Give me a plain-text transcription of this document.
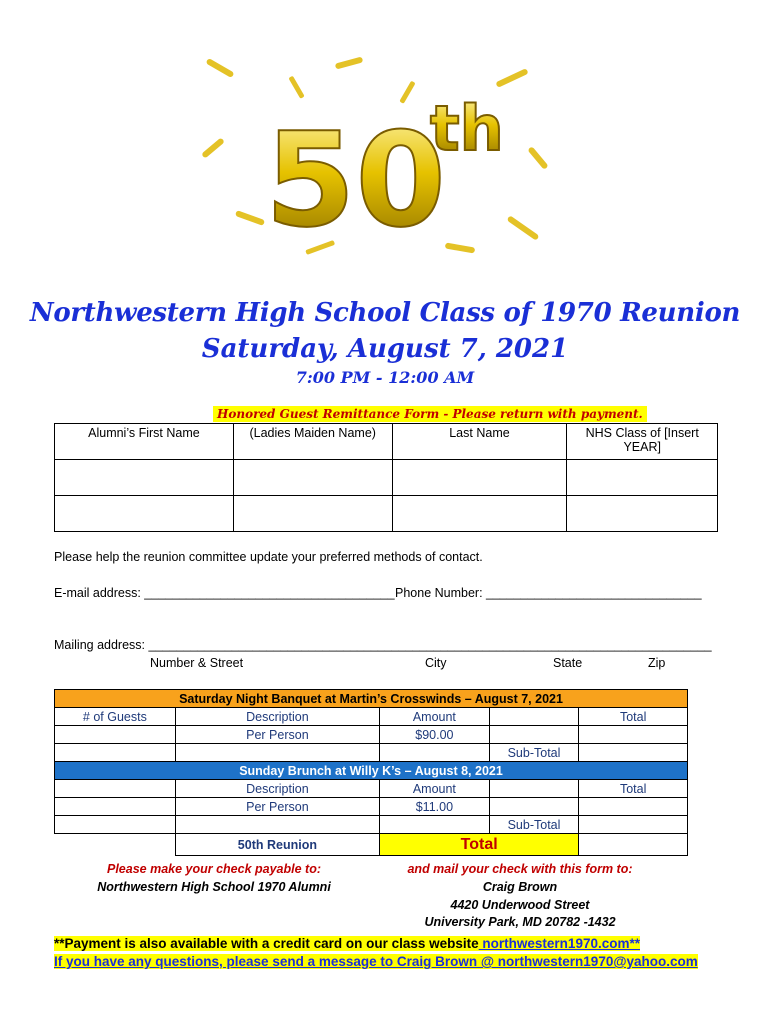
50
th
Northwestern High School Class of 1970 Reunion
Saturday, August 7, 2021
7:00 PM - 12:00 AM
Honored Guest Remittance Form - Please return with payment.
Alumni’s First Name	(Ladies Maiden Name)	Last Name	NHS Class of [Insert YEAR]

Please help the reunion committee update your preferred methods of contact.
E-mail address: ____________________________________ Phone Number: _______________________________
Mailing address: _________________________________________________________________________________
Number & Street	City	State	Zip
Saturday Night Banquet at Martin’s Crosswinds – August 7, 2021				
# of Guests	Description	Amount		Total
	Per Person	$90.00		
			Sub-Total	
Sunday Brunch at Willy K’s – August 8, 2021				
	Description	Amount		Total
	Per Person	$11.00		
			Sub-Total	
	50th Reunion	Total		
Please make your check payable to:
Northwestern High School 1970 Alumni
and mail your check with this form to:
Craig Brown
4420 Underwood Street
University Park, MD 20782 -1432
**Payment is also available with a credit card on our class website northwestern1970.com**
If you have any questions, please send a message to Craig Brown @ northwestern1970@yahoo.com
